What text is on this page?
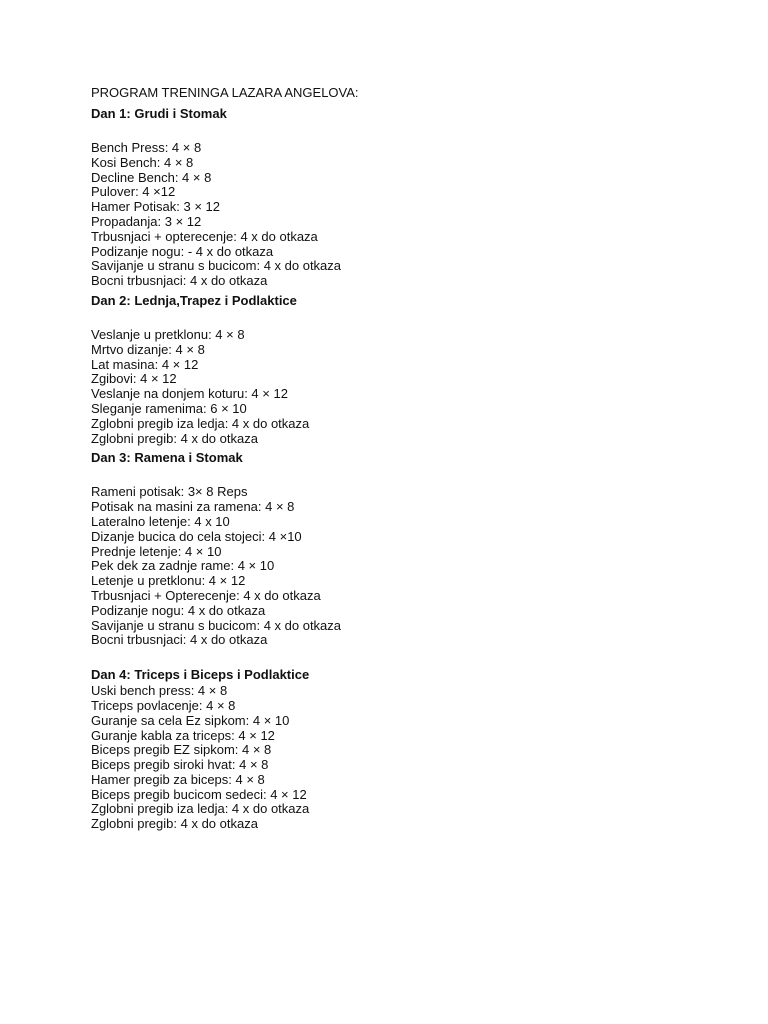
PROGRAM TRENINGA LAZARA ANGELOVA:
Dan 1: Grudi i Stomak
Bench Press: 4 × 8
Kosi Bench: 4 × 8
Decline Bench: 4 × 8
Pulover: 4 ×12
Hamer Potisak: 3 × 12
Propadanja: 3 × 12
Trbusnjaci + opterecenje: 4 x do otkaza
Podizanje nogu: - 4 x do otkaza
Savijanje u stranu s bucicom: 4 x do otkaza
Bocni trbusnjaci: 4 x do otkaza
Dan 2: Lednja,Trapez i Podlaktice
Veslanje u pretklonu: 4 × 8
Mrtvo dizanje: 4 × 8
Lat masina: 4 × 12
Zgibovi: 4 × 12
Veslanje na donjem koturu: 4 × 12
Sleganje ramenima: 6 × 10
Zglobni pregib iza ledja: 4 x do otkaza
Zglobni pregib: 4 x do otkaza
Dan 3: Ramena i Stomak
Rameni potisak: 3× 8 Reps
Potisak na masini za ramena: 4 × 8
Lateralno letenje: 4 x 10
Dizanje bucica do cela stojeci: 4 ×10
Prednje letenje: 4 × 10
Pek dek za zadnje rame: 4 × 10
Letenje u pretklonu: 4 × 12
Trbusnjaci + Opterecenje: 4 x do otkaza
Podizanje nogu: 4 x do otkaza
Savijanje u stranu s bucicom: 4 x do otkaza
Bocni trbusnjaci: 4 x do otkaza
Dan 4: Triceps i Biceps i Podlaktice
Uski bench press: 4 × 8
Triceps povlacenje: 4 × 8
Guranje sa cela Ez sipkom: 4 × 10
Guranje kabla za triceps: 4 × 12
Biceps pregib EZ sipkom: 4 × 8
Biceps pregib siroki hvat: 4 × 8
Hamer pregib za biceps: 4 × 8
Biceps pregib bucicom sedeci: 4 × 12
Zglobni pregib iza ledja: 4 x do otkaza
Zglobni pregib: 4 x do otkaza
